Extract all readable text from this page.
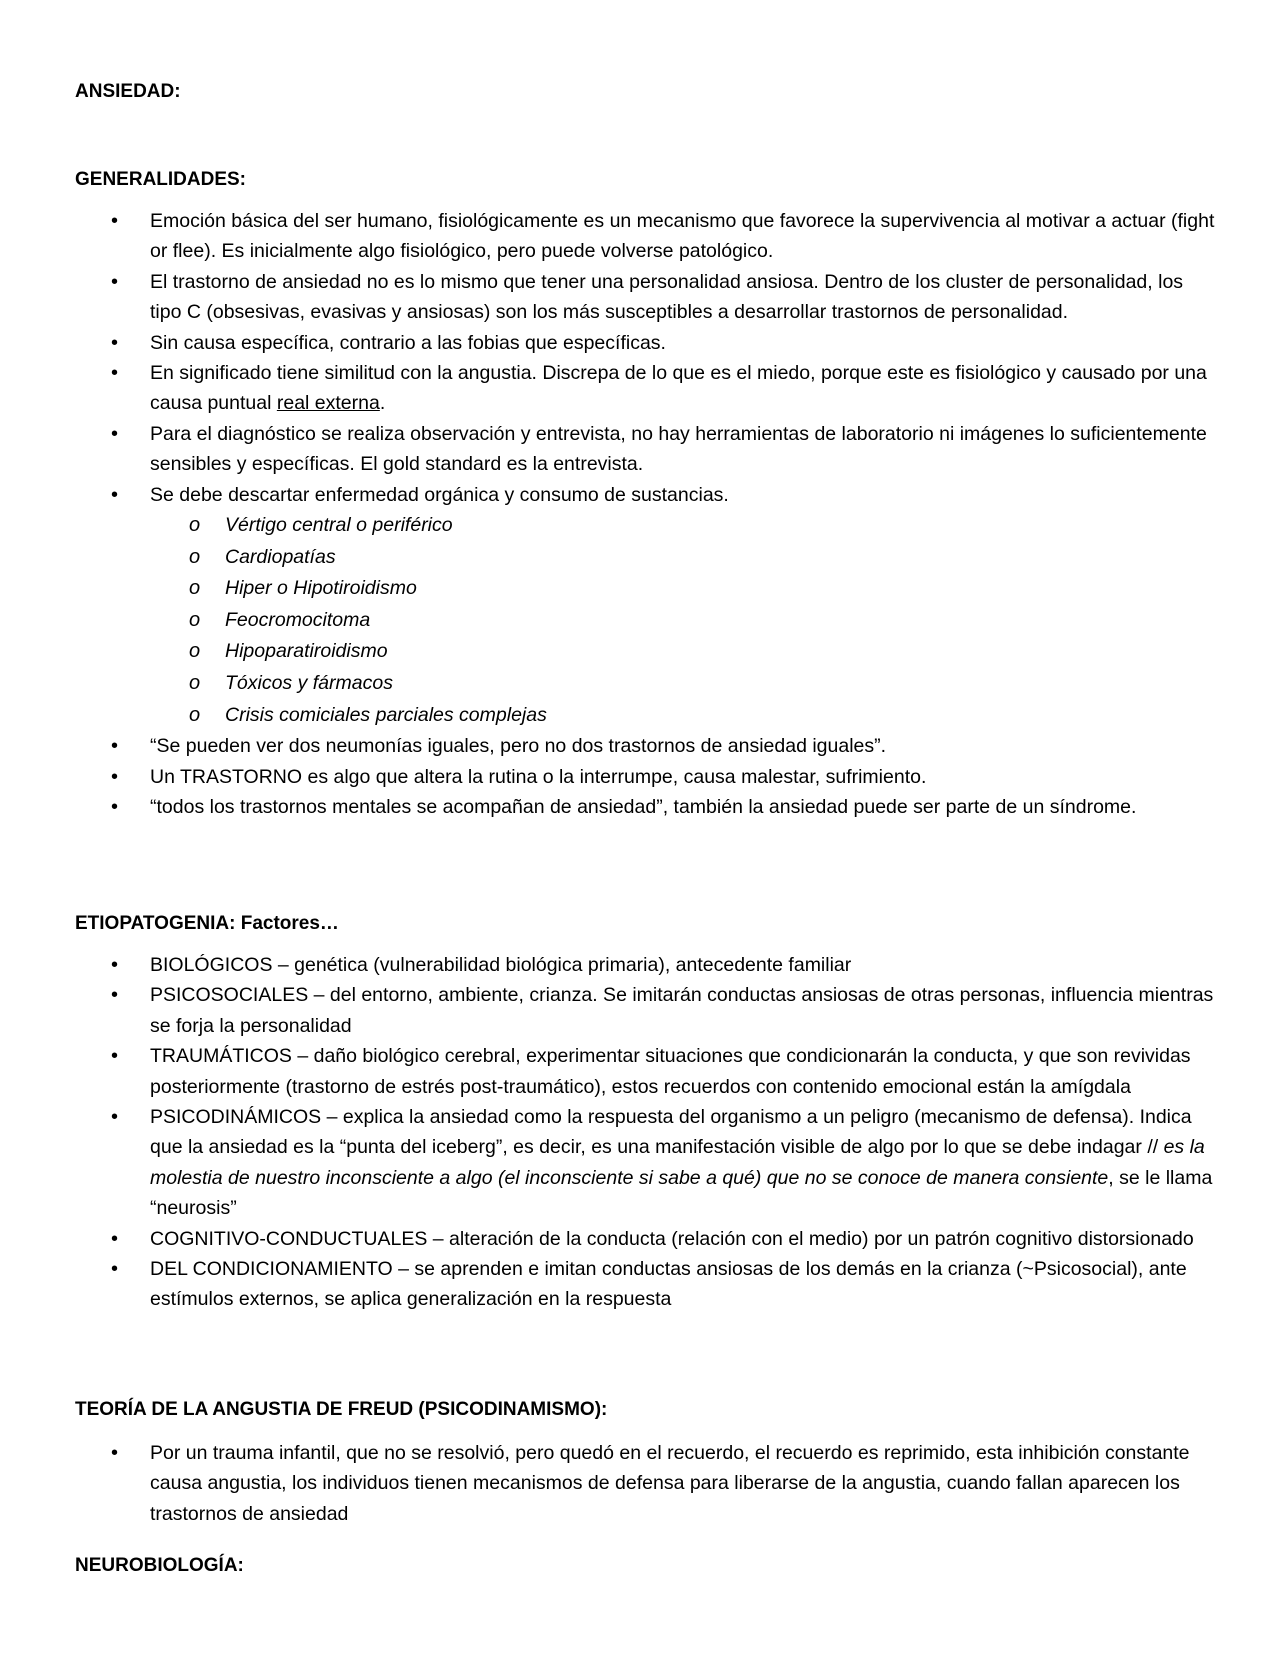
ANSIEDAD:
GENERALIDADES:
• Emoción básica del ser humano, fisiológicamente es un mecanismo que favorece la supervivencia al motivar a actuar (fight or flee). Es inicialmente algo fisiológico, pero puede volverse patológico.
• El trastorno de ansiedad no es lo mismo que tener una personalidad ansiosa. Dentro de los cluster de personalidad, los tipo C (obsesivas, evasivas y ansiosas) son los más susceptibles a desarrollar trastornos de personalidad.
• Sin causa específica, contrario a las fobias que específicas.
• En significado tiene similitud con la angustia. Discrepa de lo que es el miedo, porque este es fisiológico y causado por una causa puntual real externa.
• Para el diagnóstico se realiza observación y entrevista, no hay herramientas de laboratorio ni imágenes lo suficientemente sensibles y específicas. El gold standard es la entrevista.
• Se debe descartar enfermedad orgánica y consumo de sustancias.
o Vértigo central o periférico
o Cardiopatías
o Hiper o Hipotiroidismo
o Feocromocitoma
o Hipoparatiroidismo
o Tóxicos y fármacos
o Crisis comiciales parciales complejas
• “Se pueden ver dos neumonías iguales, pero no dos trastornos de ansiedad iguales”.
• Un TRASTORNO es algo que altera la rutina o la interrumpe, causa malestar, sufrimiento.
• “todos los trastornos mentales se acompañan de ansiedad”, también la ansiedad puede ser parte de un síndrome.
ETIOPATOGENIA: Factores…
• BIOLÓGICOS – genética (vulnerabilidad biológica primaria), antecedente familiar
• PSICOSOCIALES – del entorno, ambiente, crianza. Se imitarán conductas ansiosas de otras personas, influencia mientras se forja la personalidad
• TRAUMÁTICOS – daño biológico cerebral, experimentar situaciones que condicionarán la conducta, y que son revividas posteriormente (trastorno de estrés post-traumático), estos recuerdos con contenido emocional están la amígdala
• PSICODINÁMICOS – explica la ansiedad como la respuesta del organismo a un peligro (mecanismo de defensa). Indica que la ansiedad es la “punta del iceberg”, es decir, es una manifestación visible de algo por lo que se debe indagar // es la molestia de nuestro inconsciente a algo (el inconsciente si sabe a qué) que no se conoce de manera consiente, se le llama “neurosis”
• COGNITIVO-CONDUCTUALES – alteración de la conducta (relación con el medio) por un patrón cognitivo distorsionado
• DEL CONDICIONAMIENTO – se aprenden e imitan conductas ansiosas de los demás en la crianza (~Psicosocial), ante estímulos externos, se aplica generalización en la respuesta
TEORÍA DE LA ANGUSTIA DE FREUD (PSICODINAMISMO):
• Por un trauma infantil, que no se resolvió, pero quedó en el recuerdo, el recuerdo es reprimido, esta inhibición constante causa angustia, los individuos tienen mecanismos de defensa para liberarse de la angustia, cuando fallan aparecen los trastornos de ansiedad
NEUROBIOLOGÍA:
